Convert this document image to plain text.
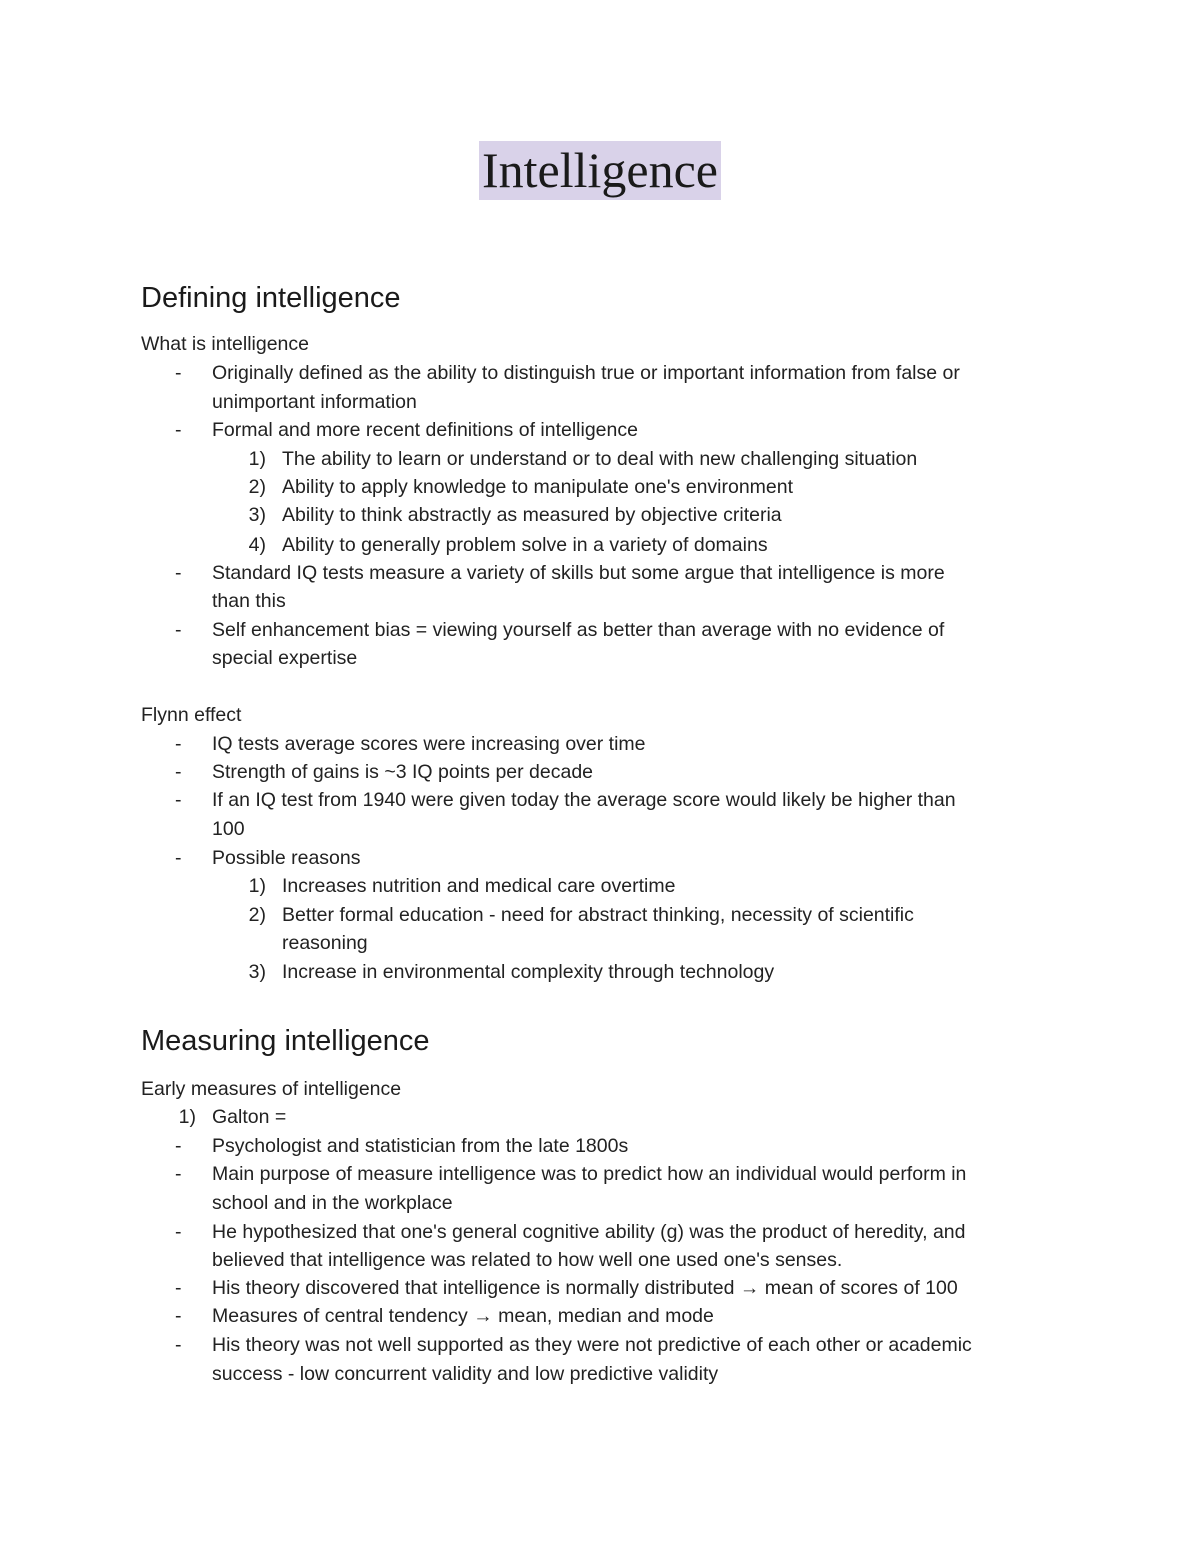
Intelligence
Defining intelligence
What is intelligence
-	Originally defined as the ability to distinguish true or important information from false or
unimportant information
-	Formal and more recent definitions of intelligence
1) The ability to learn or understand or to deal with new challenging situation
2) Ability to apply knowledge to manipulate one's environment
3) Ability to think abstractly as measured by objective criteria
4) Ability to generally problem solve in a variety of domains
-	Standard IQ tests measure a variety of skills but some argue that intelligence is more
than this
-	Self enhancement bias = viewing yourself as better than average with no evidence of
special expertise
Flynn effect
-	IQ tests average scores were increasing over time
-	Strength of gains is ~3 IQ points per decade
-	If an IQ test from 1940 were given today the average score would likely be higher than
100
-	Possible reasons
1) Increases nutrition and medical care overtime
2) Better formal education - need for abstract thinking, necessity of scientific
reasoning
3) Increase in environmental complexity through technology
Measuring intelligence
Early measures of intelligence
1) Galton =
-	Psychologist and statistician from the late 1800s
-	Main purpose of measure intelligence was to predict how an individual would perform in
school and in the workplace
-	He hypothesized that one's general cognitive ability (g) was the product of heredity, and
believed that intelligence was related to how well one used one's senses.
-	His theory discovered that intelligence is normally distributed → mean of scores of 100
-	Measures of central tendency → mean, median and mode
-	His theory was not well supported as they were not predictive of each other or academic
success - low concurrent validity and low predictive validity
